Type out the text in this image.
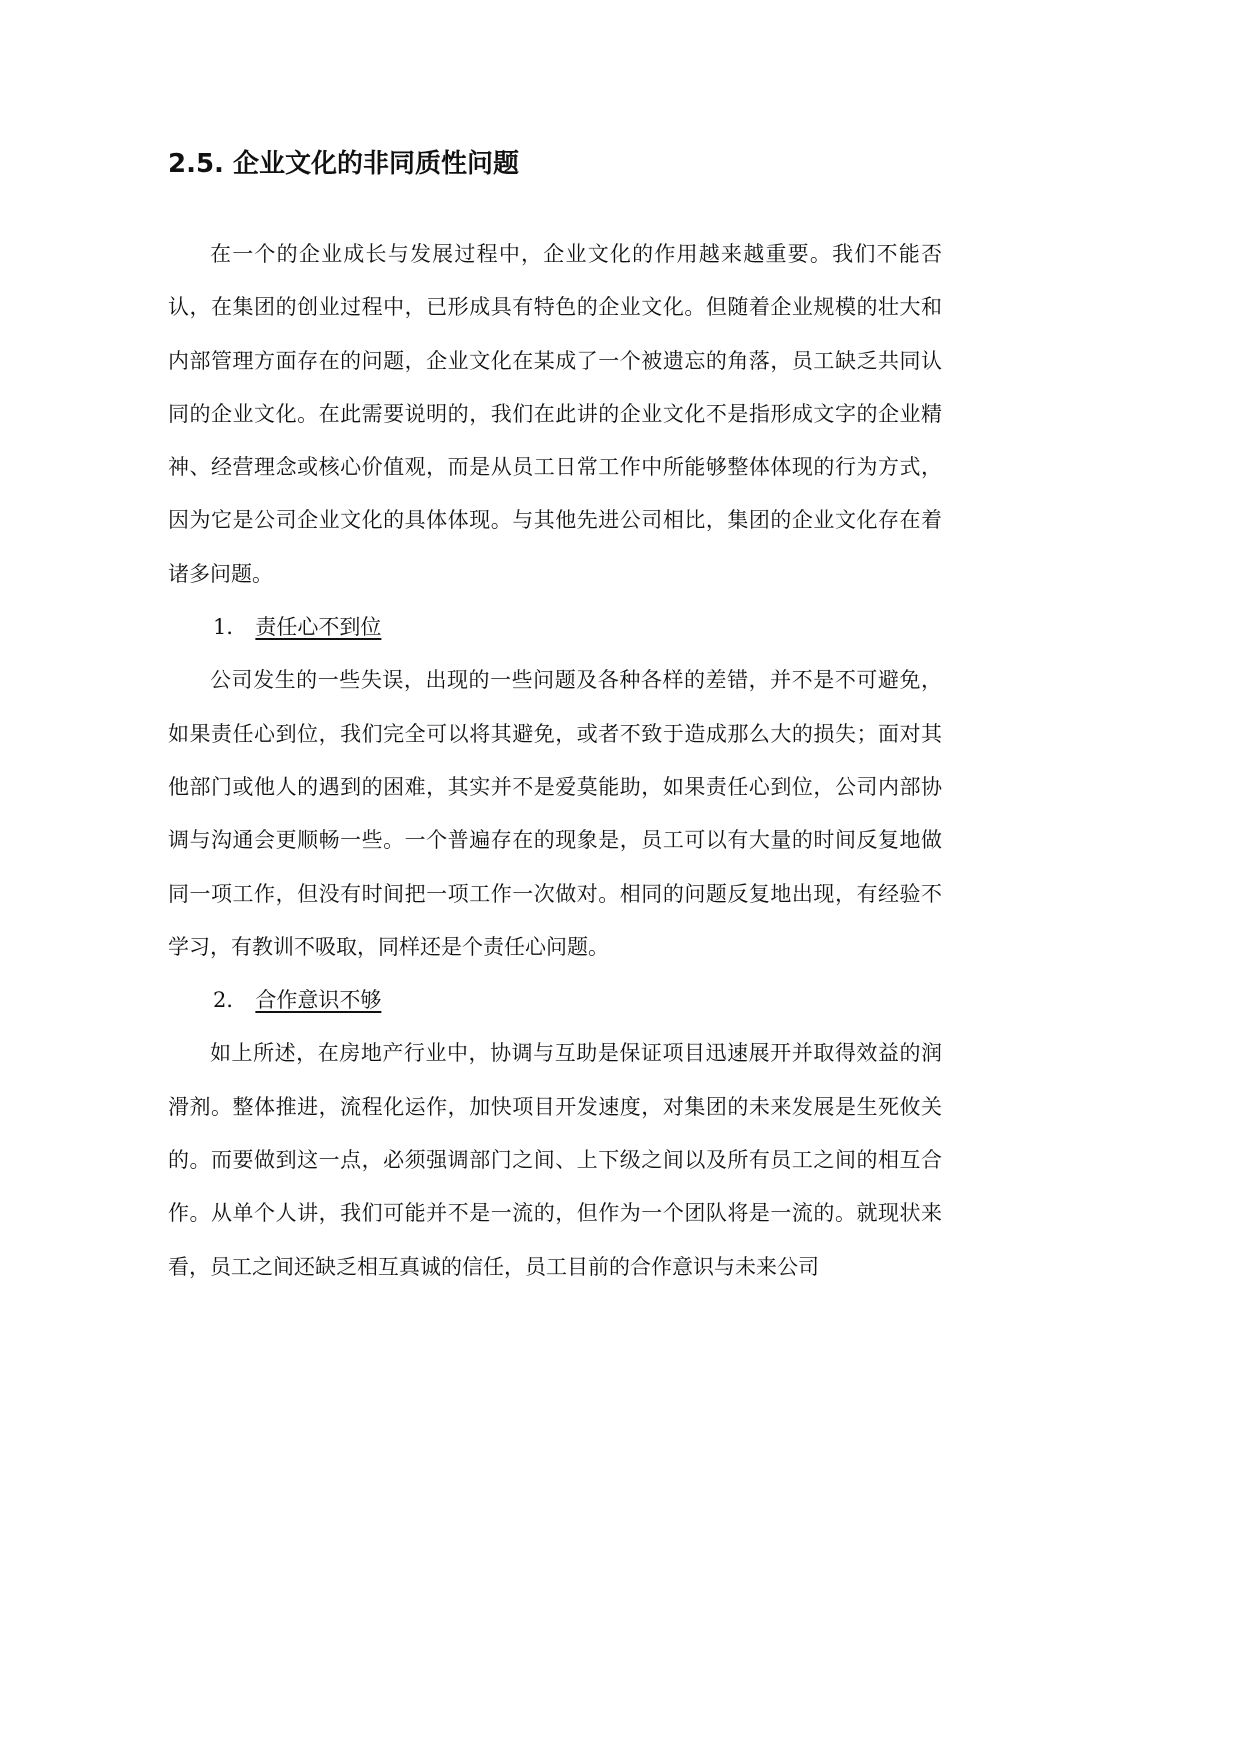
2.5. 企业文化的非同质性问题

在一个的企业成长与发展过程中，企业文化的作用越来越重要。我们不能否认，在集团的创业过程中，已形成具有特色的企业文化。但随着企业规模的壮大和内部管理方面存在的问题，企业文化在某成了一个被遗忘的角落，员工缺乏共同认同的企业文化。在此需要说明的，我们在此讲的企业文化不是指形成文字的企业精神、经营理念或核心价值观，而是从员工日常工作中所能够整体体现的行为方式，因为它是公司企业文化的具体体现。与其他先进公司相比，集团的企业文化存在着诸多问题。

1． 责任心不到位

公司发生的一些失误，出现的一些问题及各种各样的差错，并不是不可避免，如果责任心到位，我们完全可以将其避免，或者不致于造成那么大的损失；面对其他部门或他人的遇到的困难，其实并不是爱莫能助，如果责任心到位，公司内部协调与沟通会更顺畅一些。一个普遍存在的现象是，员工可以有大量的时间反复地做同一项工作，但没有时间把一项工作一次做对。相同的问题反复地出现，有经验不学习，有教训不吸取，同样还是个责任心问题。

2． 合作意识不够

如上所述，在房地产行业中，协调与互助是保证项目迅速展开并取得效益的润滑剂。整体推进，流程化运作，加快项目开发速度，对集团的未来发展是生死攸关的。而要做到这一点，必须强调部门之间、上下级之间以及所有员工之间的相互合作。从单个人讲，我们可能并不是一流的，但作为一个团队将是一流的。就现状来看，员工之间还缺乏相互真诚的信任，员工目前的合作意识与未来公司
